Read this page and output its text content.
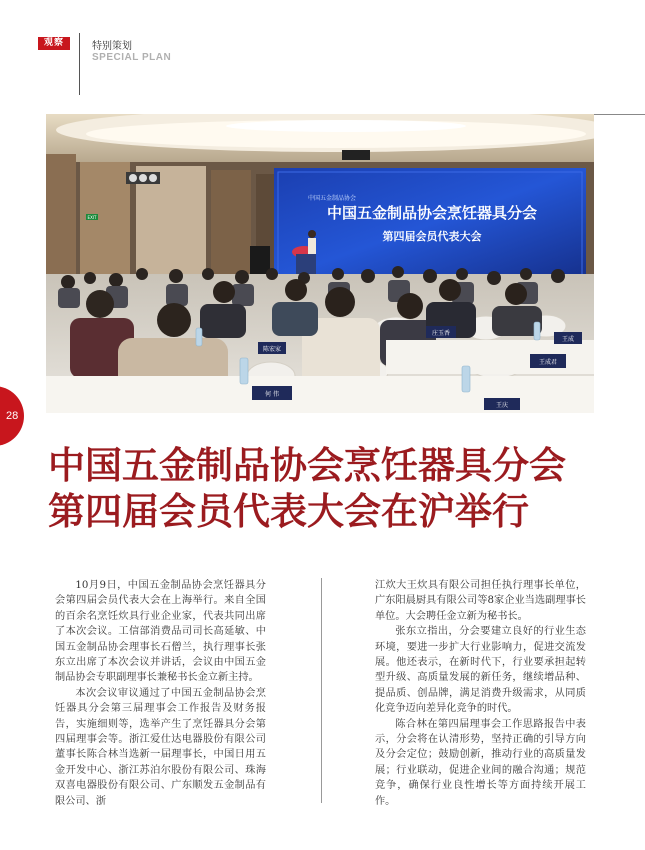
观察	特别策划
SPECIAL PLAN
EXIT
中国五金制品协会
中国五金制品协会烹饪器具分会
第四届会员代表大会
何 伟
陈宏家
王成君
庄玉香
王成
王庆
28
中国五金制品协会烹饪器具分会
第四届会员代表大会在沪举行

10月9日，中国五金制品协会烹饪器具分会第四届会员代表大会在上海举行。来自全国的百余名烹饪炊具行业企业家，代表共同出席了本次会议。工信部消费品司司长高延敏、中国五金制品协会理事长石僧兰，执行理事长张东立出席了本次会议并讲话，会议由中国五金制品协会专职副理事长兼秘书长金立新主持。

本次会议审议通过了中国五金制品协会烹饪器具分会第三届理事会工作报告及财务报告，实施细则等，选举产生了烹饪器具分会第四届理事会等。浙江爱仕达电器股份有限公司董事长陈合林当选新一届理事长，中国日用五金开发中心、浙江苏泊尔股份有限公司、珠海双喜电器股份有限公司、广东顺发五金制品有限公司、浙

江炊大王炊具有限公司担任执行理事长单位，广东阳晨厨具有限公司等8家企业当选副理事长单位。大会聘任金立新为秘书长。

张东立指出，分会要建立良好的行业生态环境，要进一步扩大行业影响力，促进交流发展。他还表示，在新时代下，行业要承担起转型升级、高质量发展的新任务，继续增品种、提品质、创品牌，满足消费升级需求，从同质化竞争迈向差异化竞争的时代。

陈合林在第四届理事会工作思路报告中表示，分会将在认清形势，坚持正确的引导方向及分会定位；鼓励创新，推动行业的高质量发展；行业联动，促进企业间的融合沟通；规范竞争，确保行业良性增长等方面持续开展工作。
